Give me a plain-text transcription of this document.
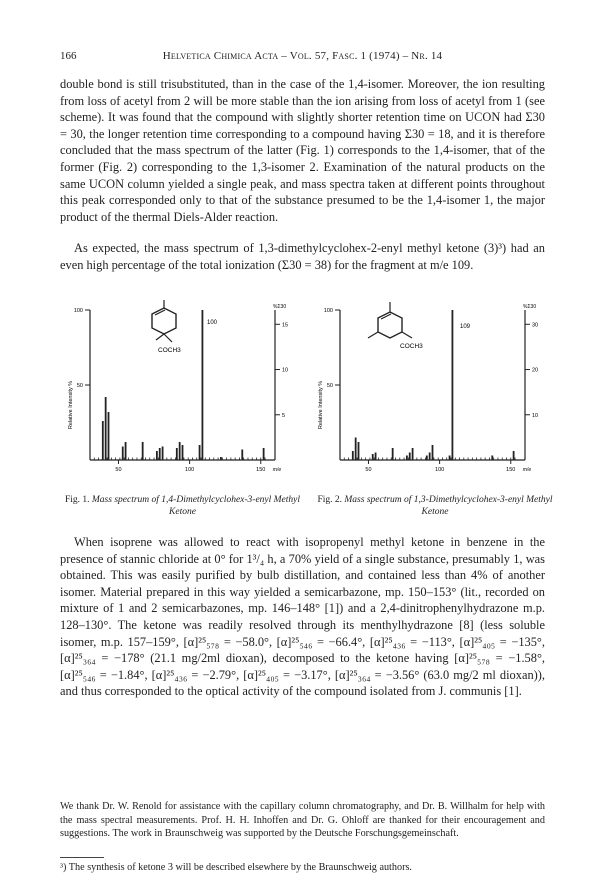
166	Helvetica Chimica Acta – Vol. 57, Fasc. 1 (1974) – Nr. 14
double bond is still trisubstituted, than in the case of the 1,4-isomer. Moreover, the ion resulting from loss of acetyl from 2 will be more stable than the ion arising from loss of acetyl from 1 (see scheme). It was found that the compound with slightly shorter retention time on UCON had Σ30 = 30, the longer retention time corresponding to a compound having Σ30 = 18, and it is therefore concluded that the mass spectrum of the latter (Fig. 1) corresponds to the 1,4-isomer, that of the former (Fig. 2) corresponding to the 1,3-isomer 2. Examination of the natural products on the same UCON column yielded a single peak, and mass spectra taken at different points throughout this peak corresponded only to that of the substance presumed to be the 1,4-isomer 1, the major product of the thermal Diels-Alder reaction.
As expected, the mass spectrum of 1,3-dimethylcyclohex-2-enyl methyl ketone (3)³) had an even high percentage of the total ionization (Σ30 = 38) for the fragment at m/e 109.
COCH3
100
100
50
15
10
5
%Σ30
Relative Intensity %
50	100	150 m/e
COCH3
109
100
50
30
20
10
%Σ30
Relative Intensity %
50	100	150 m/e
Fig. 1. Mass spectrum of 1,4-Dimethylcyclohex-3-enyl Methyl Ketone
Fig. 2. Mass spectrum of 1,3-Dimethylcyclohex-3-enyl Methyl Ketone
When isoprene was allowed to react with isopropenyl methyl ketone in benzene in the presence of stannic chloride at 0° for 1³/₄ h, a 70% yield of a single substance, presumably 1, was obtained. This was easily purified by bulb distillation, and contained less than 4% of another isomer. Material prepared in this way yielded a semicarbazone, mp. 150–153° (lit., recorded on mixture of 1 and 2 semicarbazones, mp. 146–148° [1]) and a 2,4-dinitrophenylhydrazone m.p. 128–130°. The ketone was readily resolved through its menthylhydrazone [8] (less soluble isomer, m.p. 157–159°, [α]²⁵₅₇₈ = −58.0°, [α]²⁵₅₄₆ = −66.4°, [α]²⁵₄₃₆ = −113°, [α]²⁵₄₀₅ = −135°, [α]²⁵₃₆₄ = −178° (21.1 mg/2ml dioxan), decomposed to the ketone having [α]²⁵₅₇₈ = −1.58°, [α]²⁵₅₄₆ = −1.84°, [α]²⁵₄₃₆ = −2.79°, [α]²⁵₄₀₅ = −3.17°, [α]²⁵₃₆₄ = −3.56° (63.0 mg/2 ml dioxan)), and thus corresponded to the optical activity of the compound isolated from J. communis [1].
We thank Dr. W. Renold for assistance with the capillary column chromatography, and Dr. B. Willhalm for help with the mass spectral measurements. Prof. H. H. Inhoffen and Dr. G. Ohloff are thanked for their encouragement and suggestions. The work in Braunschweig was supported by the Deutsche Forschungsgemeinschaft.
³) The synthesis of ketone 3 will be described elsewhere by the Braunschweig authors.
